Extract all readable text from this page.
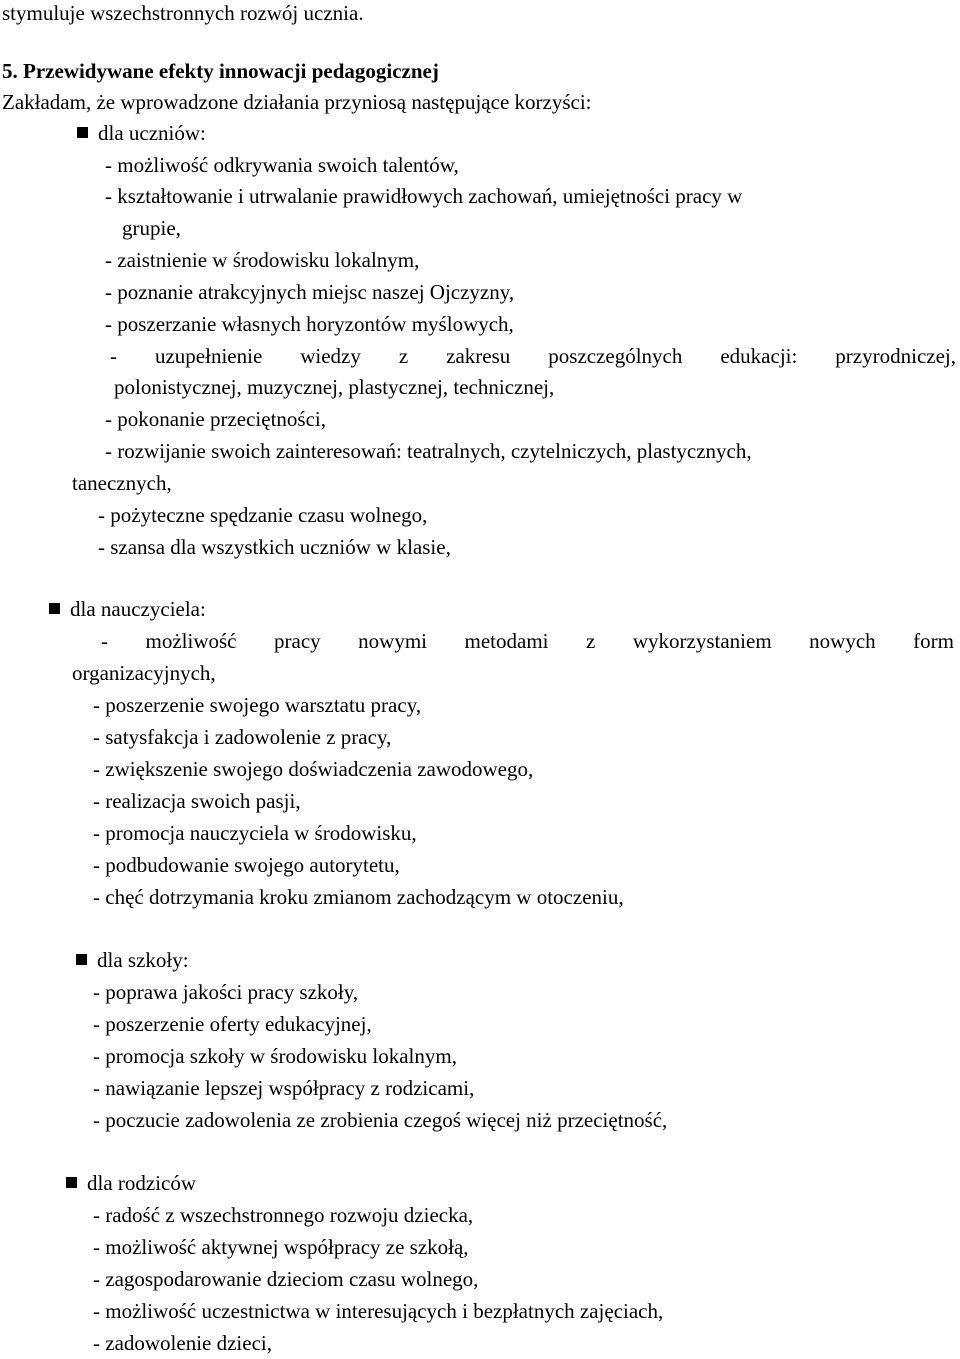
stymuluje wszechstronnych rozwój ucznia.
5. Przewidywane efekty innowacji pedagogicznej
Zakładam, że wprowadzone działania przyniosą następujące korzyści:
dla uczniów:
- możliwość odkrywania swoich talentów,
- kształtowanie i utrwalanie prawidłowych zachowań, umiejętności pracy w
grupie,
- zaistnienie w środowisku lokalnym,
- poznanie atrakcyjnych miejsc naszej Ojczyzny,
- poszerzanie własnych horyzontów myślowych,
- uzupełnienie wiedzy z zakresu poszczególnych edukacji: przyrodniczej,
polonistycznej, muzycznej, plastycznej, technicznej,
- pokonanie przeciętności,
- rozwijanie swoich zainteresowań: teatralnych, czytelniczych, plastycznych,
tanecznych,
- pożyteczne spędzanie czasu wolnego,
- szansa dla wszystkich uczniów w klasie,
dla nauczyciela:
- możliwość pracy nowymi metodami z wykorzystaniem nowych form
organizacyjnych,
- poszerzenie swojego warsztatu pracy,
- satysfakcja i zadowolenie z pracy,
- zwiększenie swojego doświadczenia zawodowego,
- realizacja swoich pasji,
- promocja nauczyciela w środowisku,
- podbudowanie swojego autorytetu,
- chęć dotrzymania kroku zmianom zachodzącym w otoczeniu,
dla szkoły:
- poprawa jakości pracy szkoły,
- poszerzenie oferty edukacyjnej,
- promocja szkoły w środowisku lokalnym,
- nawiązanie lepszej współpracy z rodzicami,
- poczucie zadowolenia ze zrobienia czegoś więcej niż przeciętność,
dla rodziców
- radość z wszechstronnego rozwoju dziecka,
- możliwość aktywnej współpracy ze szkołą,
- zagospodarowanie dzieciom czasu wolnego,
- możliwość uczestnictwa w interesujących i bezpłatnych zajęciach,
- zadowolenie dzieci,
